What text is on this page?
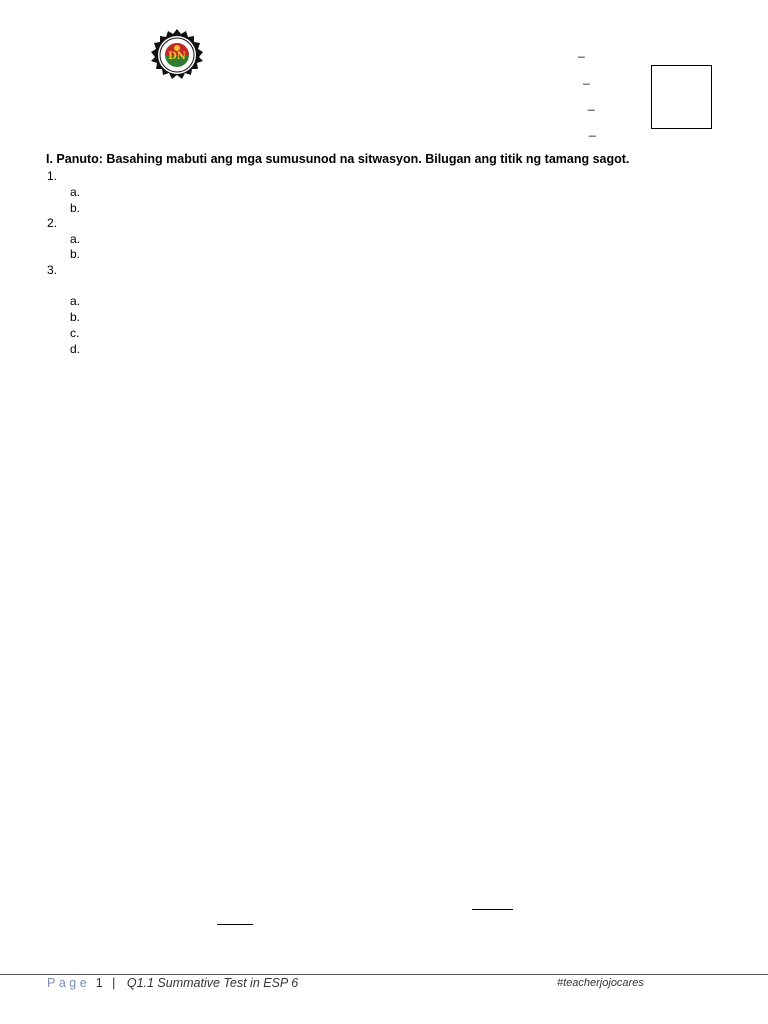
DN	_
_
_
_
I. Panuto: Basahing mabuti ang mga sumusunod na sitwasyon. Bilugan ang titik ng tamang sagot.
1.
a.
b.
2.
a.
b.
3.
a.
b.
c.
d.
Page 1 | Q1.1 Summative Test in ESP 6	#teacherjojocares
